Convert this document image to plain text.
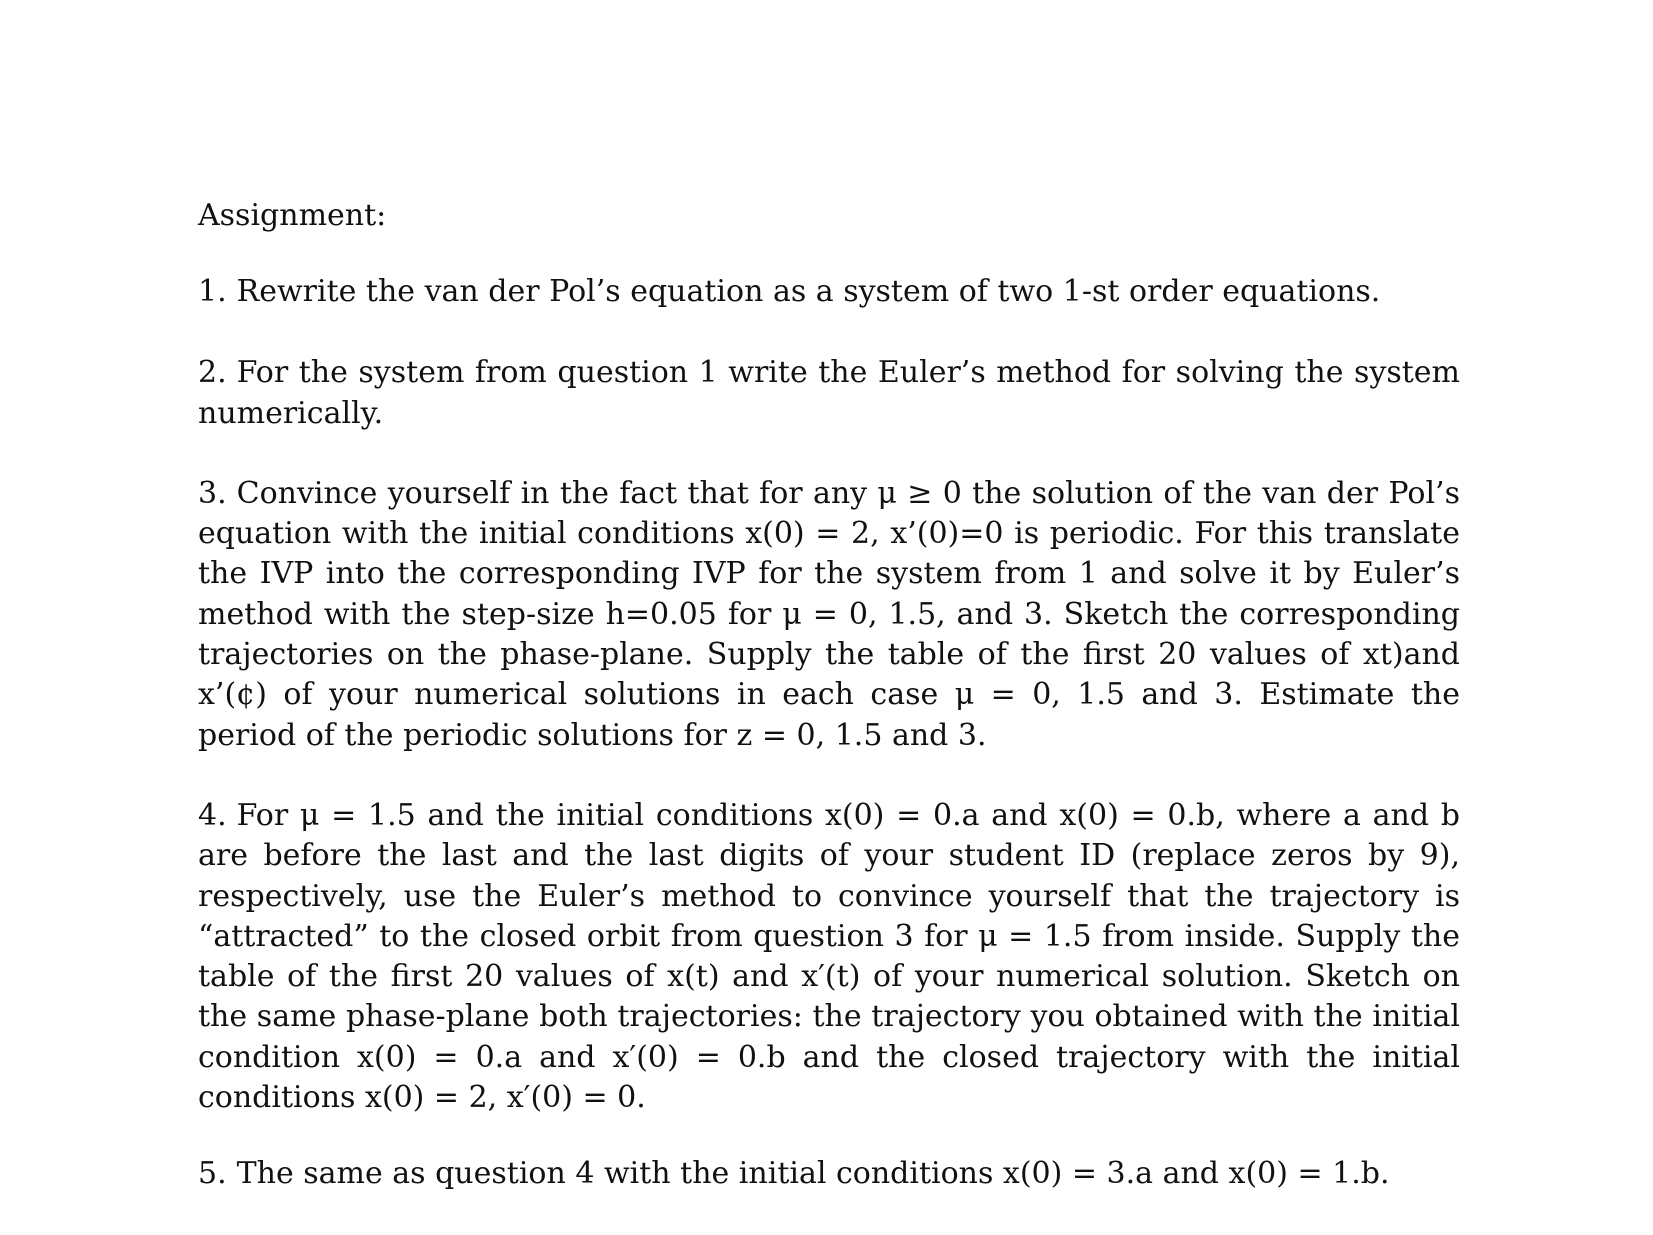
Assignment:
1. Rewrite the van der Pol’s equation as a system of two 1-st order equations.
2. For the system from question 1 write the Euler’s method for solving the system numerically.
3. Convince yourself in the fact that for any μ ≥ 0 the solution of the van der Pol’s equation with the initial conditions x(0) = 2, x’(0)=0 is periodic. For this translate the IVP into the corresponding IVP for the system from 1 and solve it by Euler’s method with the step-size h=0.05 for μ = 0, 1.5, and 3. Sketch the corresponding trajectories on the phase-plane. Supply the table of the first 20 values of xt)and x’(¢) of your numerical solutions in each case μ = 0, 1.5 and 3. Estimate the period of the periodic solutions for z = 0, 1.5 and 3.
4. For μ = 1.5 and the initial conditions x(0) = 0.a and x(0) = 0.b, where a and b are before the last and the last digits of your student ID (replace zeros by 9), respectively, use the Euler’s method to convince yourself that the trajectory is “attracted” to the closed orbit from question 3 for μ = 1.5 from inside. Supply the table of the first 20 values of x(t) and x′(t) of your numerical solution. Sketch on the same phase-plane both trajectories: the trajectory you obtained with the initial condition x(0) = 0.a and x′(0) = 0.b and the closed trajectory with the initial conditions x(0) = 2, x′(0) = 0.
5. The same as question 4 with the initial conditions x(0) = 3.a and x(0) = 1.b.
